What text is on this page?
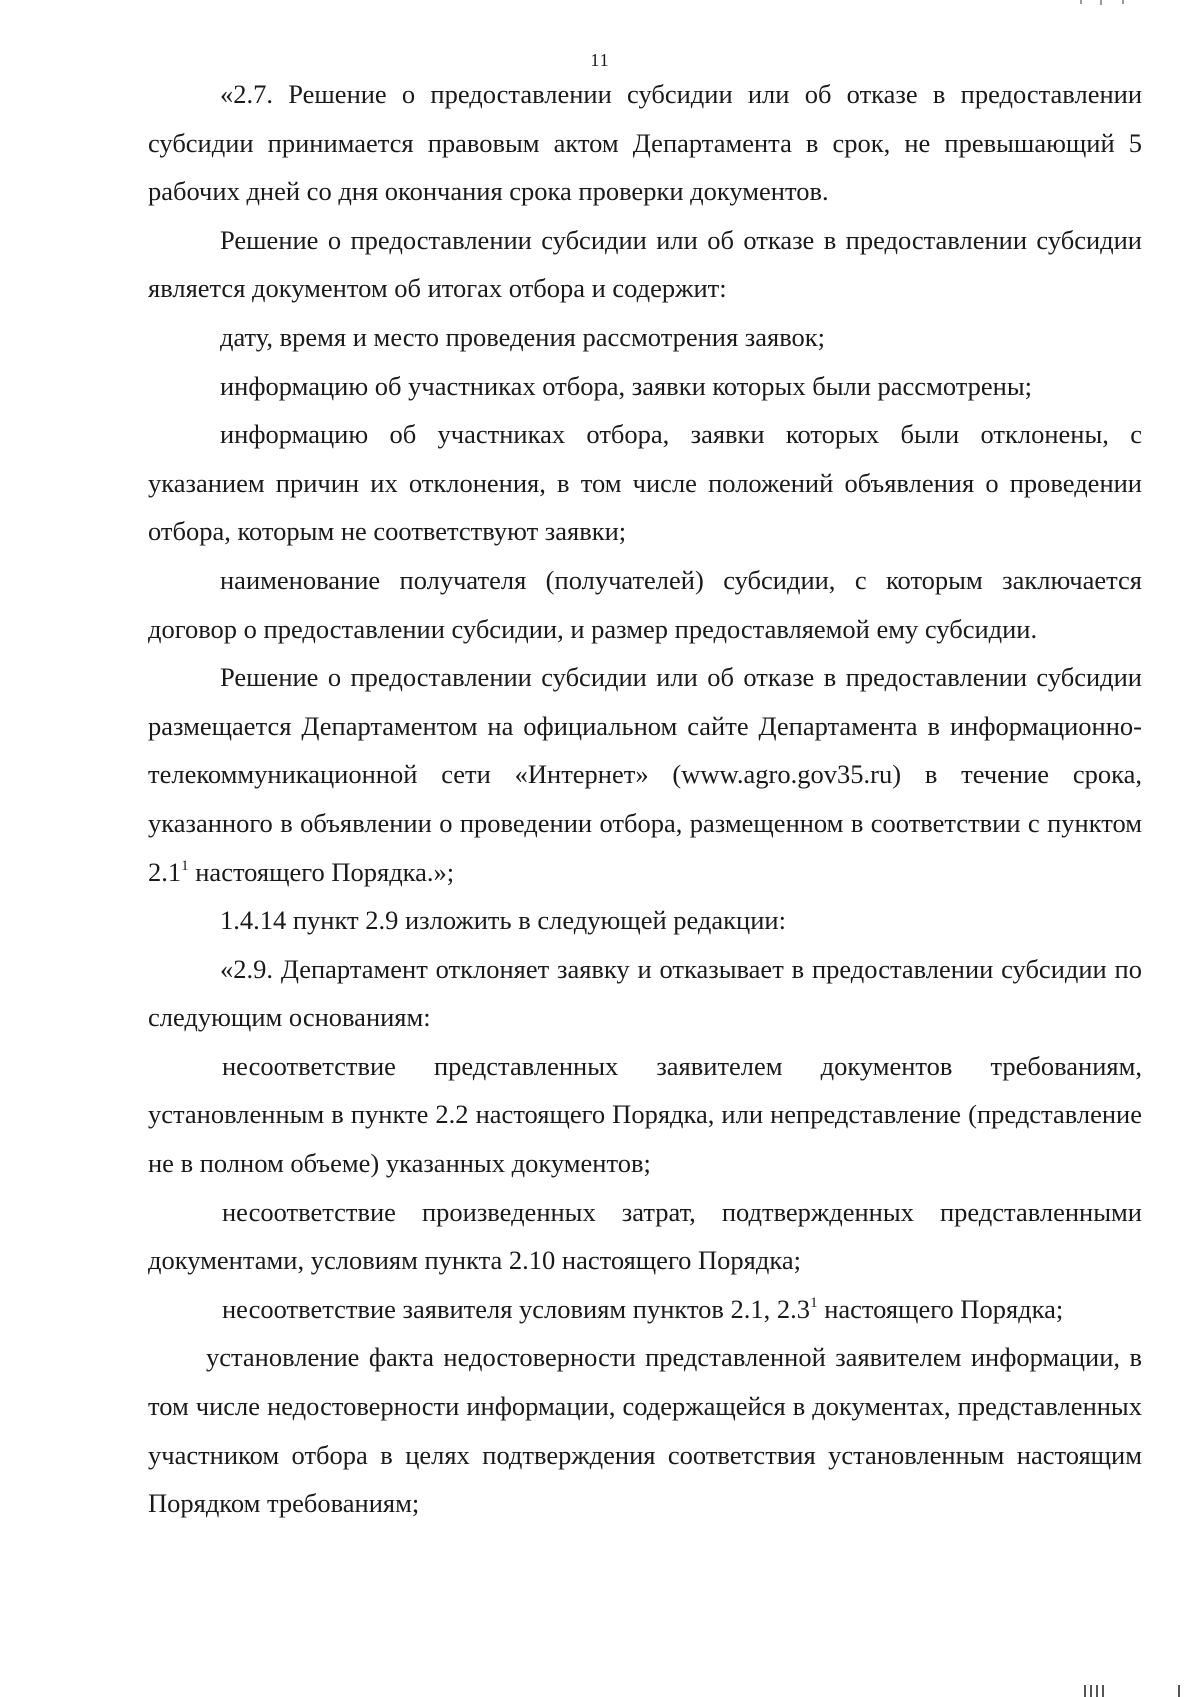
11

«2.7. Решение о предоставлении субсидии или об отказе в предоставлении субсидии принимается правовым актом Департамента в срок, не превышающий 5 рабочих дней со дня окончания срока проверки документов.

Решение о предоставлении субсидии или об отказе в предоставлении субсидии является документом об итогах отбора и содержит:

дату, время и место проведения рассмотрения заявок;

информацию об участниках отбора, заявки которых были рассмотрены;

информацию об участниках отбора, заявки которых были отклонены, с указанием причин их отклонения, в том числе положений объявления о проведении отбора, которым не соответствуют заявки;

наименование получателя (получателей) субсидии, с которым заключается договор о предоставлении субсидии, и размер предоставляемой ему субсидии.

Решение о предоставлении субсидии или об отказе в предоставлении субсидии размещается Департаментом на официальном сайте Департамента в информационно-телекоммуникационной сети «Интернет» (www.agro.gov35.ru) в течение срока, указанного в объявлении о проведении отбора, размещенном в соответствии с пунктом $2.1^1$ настоящего Порядка.»;

1.4.14 пункт 2.9 изложить в следующей редакции:

«2.9. Департамент отклоняет заявку и отказывает в предоставлении субсидии по следующим основаниям:

несоответствие представленных заявителем документов требованиям, установленным в пункте 2.2 настоящего Порядка, или непредставление (представление не в полном объеме) указанных документов;

несоответствие произведенных затрат, подтвержденных представленными документами, условиям пункта 2.10 настоящего Порядка;

несоответствие заявителя условиям пунктов 2.1, $2.3^1$ настоящего Порядка;

установление факта недостоверности представленной заявителем информации, в том числе недостоверности информации, содержащейся в документах, представленных участником отбора в целях подтверждения соответствия установленным настоящим Порядком требованиям;
